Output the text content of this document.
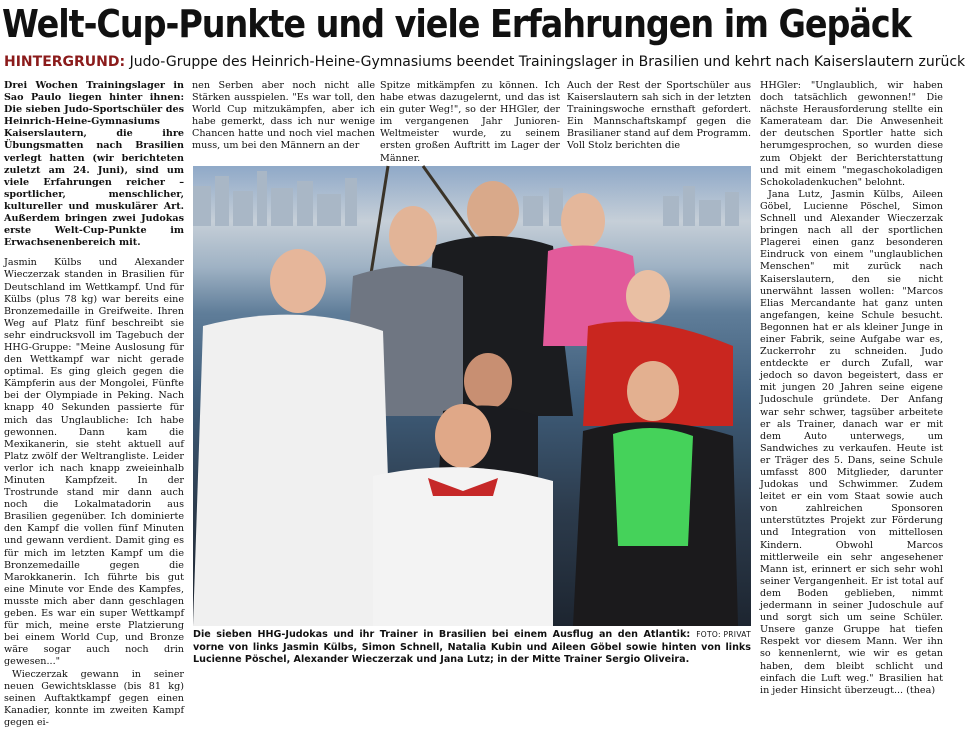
Welt-Cup-Punkte und viele Erfahrungen im Gepäck
HINTERGRUND: Judo-Gruppe des Heinrich-Heine-Gymnasiums beendet Trainingslager in Brasilien und kehrt nach Kaiserslautern zurück

Drei Wochen Trainingslager in Sao Paulo liegen hinter ihnen: Die sieben Judo-Sportschüler des Heinrich-Heine-Gymnasiums Kaiserslautern, die ihre Übungsmatten nach Brasilien verlegt hatten (wir berichteten zuletzt am 24. Juni), sind um viele Erfahrungen reicher – sportlicher, menschlicher, kultureller und muskulärer Art. Außerdem bringen zwei Judokas erste Welt-Cup-Punkte im Erwachsenenbereich mit.

Jasmin Külbs und Alexander Wieczerzak standen in Brasilien für Deutschland im Wettkampf. Und für Külbs (plus 78 kg) war bereits eine Bronzemedaille in Greifweite. Ihren Weg auf Platz fünf beschreibt sie sehr eindrucksvoll im Tagebuch der HHG-Gruppe: "Meine Auslosung für den Wettkampf war nicht gerade optimal. Es ging gleich gegen die Kämpferin aus der Mongolei, Fünfte bei der Olympiade in Peking. Nach knapp 40 Sekunden passierte für mich das Unglaubliche: Ich habe gewonnen. Dann kam die Mexikanerin, sie steht aktuell auf Platz zwölf der Weltrangliste. Leider verlor ich nach knapp zweieinhalb Minuten Kampfzeit. In der Trostrunde stand mir dann auch noch die Lokalmatadorin aus Brasilien gegenüber. Ich dominierte den Kampf die vollen fünf Minuten und gewann verdient. Damit ging es für mich im letzten Kampf um die Bronzemedaille gegen die Marokkanerin. Ich führte bis gut eine Minute vor Ende des Kampfes, musste mich aber dann geschlagen geben. Es war ein super Wettkampf für mich, meine erste Platzierung bei einem World Cup, und Bronze wäre sogar auch noch drin gewesen..."

Wieczerzak gewann in seiner neuen Gewichtsklasse (bis 81 kg) seinen Auftaktkampf gegen einen Kanadier, konnte im zweiten Kampf gegen ei-

nen Serben aber noch nicht alle Stärken ausspielen. "Es war toll, den World Cup mitzukämpfen, aber ich habe gemerkt, dass ich nur wenige Chancen hatte und noch viel machen muss, um bei den Männern an der

Spitze mitkämpfen zu können. Ich habe etwas dazugelernt, und das ist ein guter Weg!", so der HHGler, der im vergangenen Jahr Junioren-Weltmeister wurde, zu seinem ersten großen Auftritt im Lager der Männer.

Auch der Rest der Sportschüler aus Kaiserslautern sah sich in der letzten Trainingswoche ernsthaft gefordert. Ein Mannschaftskampf gegen die Brasilianer stand auf dem Programm. Voll Stolz berichten die

HHGler: "Unglaublich, wir haben doch tatsächlich gewonnen!" Die nächste Herausforderung stellte ein Kamerateam dar. Die Anwesenheit der deutschen Sportler hatte sich herumgesprochen, so wurden diese zum Objekt der Berichterstattung und mit einem "megaschokoladigen Schokoladenkuchen" belohnt.

Jana Lutz, Jasmin Külbs, Aileen Göbel, Lucienne Pöschel, Simon Schnell und Alexander Wieczerzak bringen nach all der sportlichen Plagerei einen ganz besonderen Eindruck von einem "unglaublichen Menschen" mit zurück nach Kaiserslautern, den sie nicht unerwähnt lassen wollen: "Marcos Elias Mercandante hat ganz unten angefangen, keine Schule besucht. Begonnen hat er als kleiner Junge in einer Fabrik, seine Aufgabe war es, Zuckerrohr zu schneiden. Judo entdeckte er durch Zufall, war jedoch so davon begeistert, dass er mit jungen 20 Jahren seine eigene Judoschule gründete. Der Anfang war sehr schwer, tagsüber arbeitete er als Trainer, danach war er mit dem Auto unterwegs, um Sandwiches zu verkaufen. Heute ist er Träger des 5. Dans, seine Schule umfasst 800 Mitglieder, darunter Judokas und Schwimmer. Zudem leitet er ein vom Staat sowie auch von zahlreichen Sponsoren unterstütztes Projekt zur Förderung und Integration von mittellosen Kindern. Obwohl Marcos mittlerweile ein sehr angesehener Mann ist, erinnert er sich sehr wohl seiner Vergangenheit. Er ist total auf dem Boden geblieben, nimmt jedermann in seiner Judoschule auf und sorgt sich um seine Schüler. Unsere ganze Gruppe hat tiefen Respekt vor diesem Mann. Wer ihn so kennenlernt, wie wir es getan haben, dem bleibt schlicht und einfach die Luft weg." Brasilien hat in jeder Hinsicht überzeugt... (thea)

FOTO: PRIVAT
Die sieben HHG-Judokas und ihr Trainer in Brasilien bei einem Ausflug an den Atlantik: vorne von links Jasmin Külbs, Simon Schnell, Natalia Kubin und Aileen Göbel sowie hinten von links Lucienne Pöschel, Alexander Wieczerzak und Jana Lutz; in der Mitte Trainer Sergio Oliveira.
